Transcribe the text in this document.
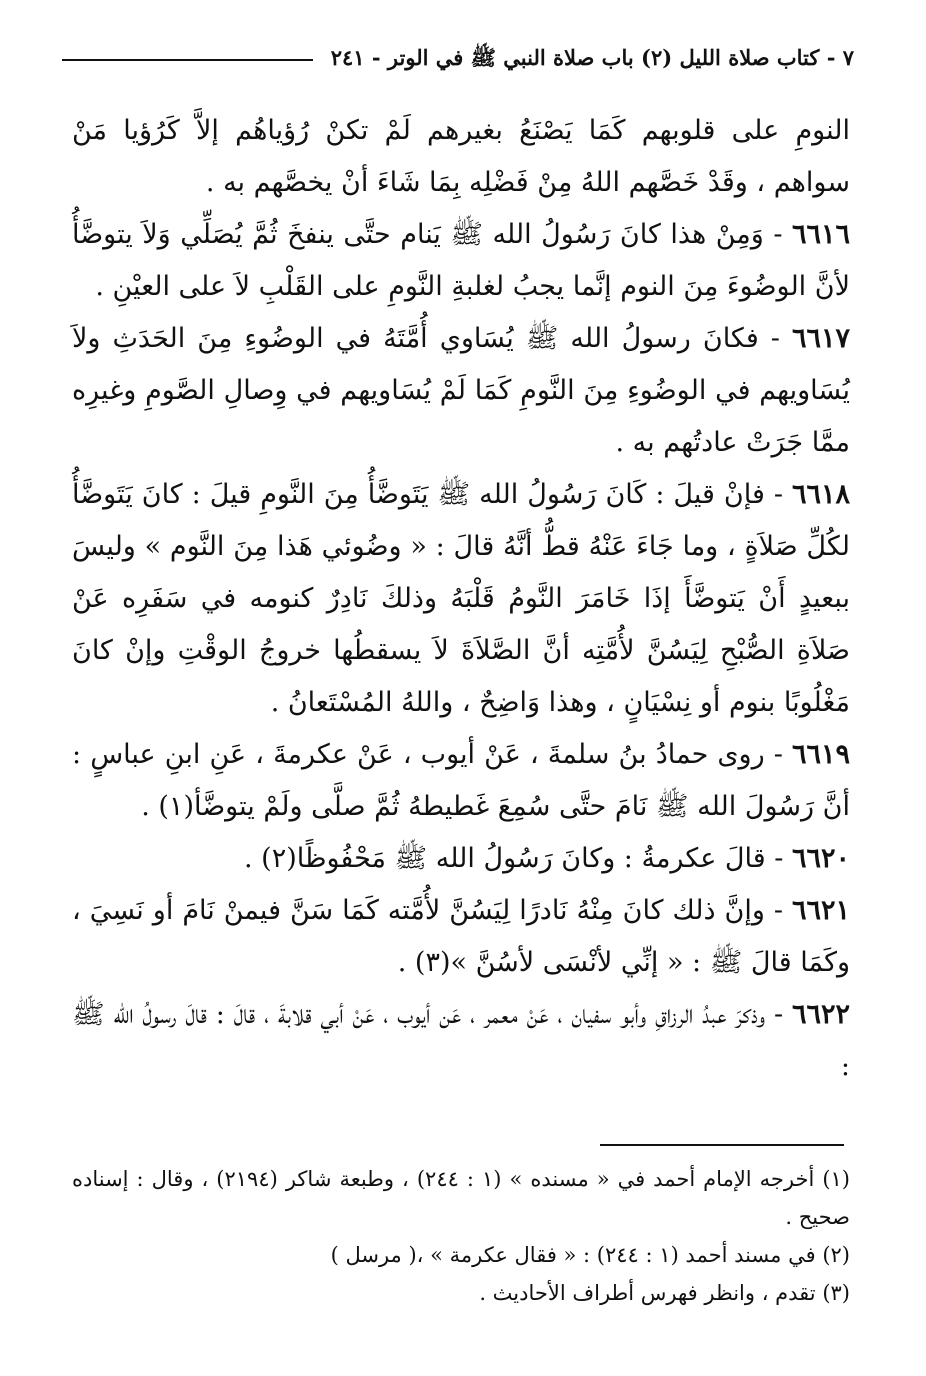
٧ - كتاب صلاة الليل (٢) باب صلاة النبي ﷺ في الوتر - ٢٤١

النومِ على قلوبهم كَمَا يَصْنَعُ بغيرهم لَمْ تكنْ رُؤياهُم إلاَّ كَرُؤيا مَنْ سواهم ، وقَدْ خَصَّهم اللهُ مِنْ فَضْلِه بِمَا شَاءَ أنْ يخصَّهم به .

٦٦١٦ - وَمِنْ هذا كانَ رَسُولُ الله ﷺ يَنام حتَّى ينفخَ ثُمَّ يُصَلِّي وَلاَ يتوضَّأُ لأنَّ الوضُوءَ مِنَ النوم إنَّما يجبُ لغلبةِ النَّومِ على القَلْبِ لاَ على العيْنِ .

٦٦١٧ - فكانَ رسولُ الله ﷺ يُسَاوي أُمَّتَهُ في الوضُوءِ مِنَ الحَدَثِ ولاَ يُسَاويهم في الوضُوءِ مِنَ النَّومِ كَمَا لَمْ يُسَاويهم في وِصالِ الصَّومِ وغيرِه ممَّا جَرَتْ عادتُهم به .

٦٦١٨ - فإنْ قيلَ : كَانَ رَسُولُ الله ﷺ يَتَوضَّأُ مِنَ النَّومِ قيلَ : كانَ يَتَوضَّأُ لكُلِّ صَلاَةٍ ، وما جَاءَ عَنْهُ قطُّ أنَّهُ قالَ : « وضُوئي هَذا مِنَ النَّوم » وليسَ ببعيدٍ أَنْ يَتوضَّأَ إذَا خَامَرَ النَّومُ قَلْبَهُ وذلكَ نَادِرٌ كنومه في سَفَرِه عَنْ صَلاَةِ الصُّبْحِ لِيَسُنَّ لأُمَّتِه أنَّ الصَّلاَةَ لاَ يسقطُها خروجُ الوقْتِ وإنْ كانَ مَغْلُوبًا بنوم أو نِسْيَانٍ ، وهذا وَاضِحٌ ، واللهُ المُسْتَعانُ .

٦٦١٩ - روى حمادُ بنُ سلمةَ ، عَنْ أيوب ، عَنْ عكرمةَ ، عَنِ ابنِ عباسٍ : أنَّ رَسُولَ الله ﷺ نَامَ حتَّى سُمِعَ غَطيطهُ ثُمَّ صلَّى ولَمْ يتوضَّأ(١) .

٦٦٢٠ - قالَ عكرمةُ : وكانَ رَسُولُ الله ﷺ مَحْفُوظًا(٢) .

٦٦٢١ - وإنَّ ذلك كانَ مِنْهُ نَادرًا لِيَسُنَّ لأُمَّته كَمَا سَنَّ فيمنْ نَامَ أو نَسِيَ ، وكَمَا قالَ ﷺ : « إنِّي لأنْسَى لأسُنَّ »(٣) .

٦٦٢٢ - وذكرَ عبدُ الرزاقِ وأبو سفيان ، عَنْ معمر ، عَن أيوب ، عَنْ أبي قلابةَ ، قالَ : قالَ رسولُ الله ﷺ :

(١) أخرجه الإمام أحمد في « مسنده » (١ : ٢٤٤) ، وطبعة شاكر (٢١٩٤) ، وقال : إسناده صحيح .

(٢) في مسند أحمد (١ : ٢٤٤) : « فقال عكرمة » ،( مرسل )

(٣) تقدم ، وانظر فهرس أطراف الأحاديث .
